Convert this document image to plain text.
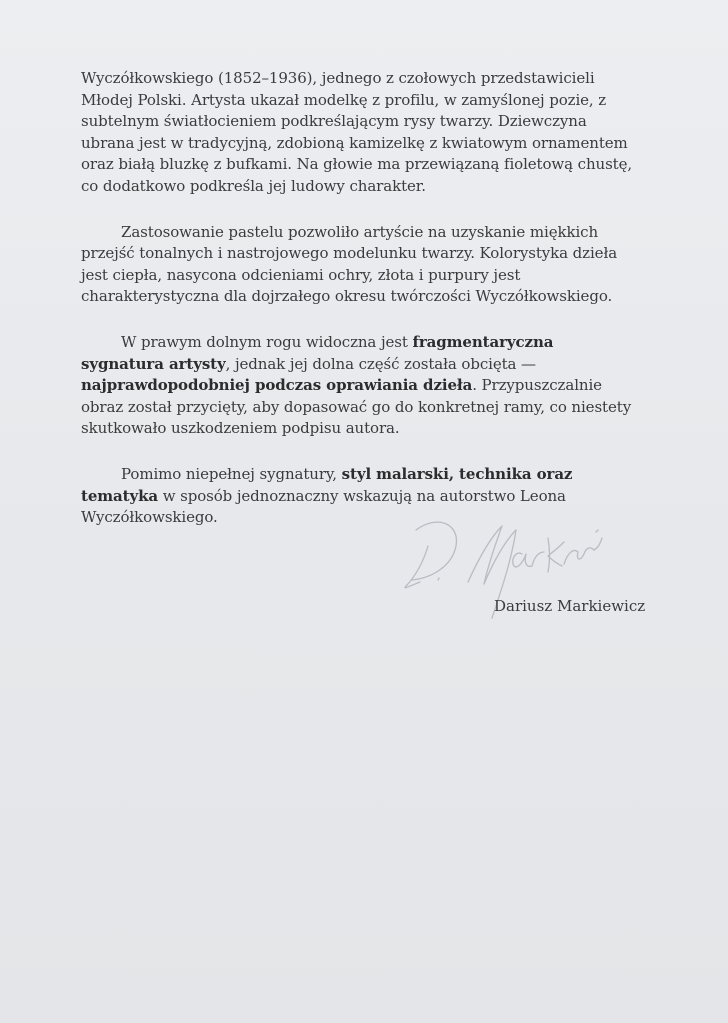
Wyczółkowskiego (1852–1936), jednego z czołowych przedstawicieli Młodej Polski. Artysta ukazał modelkę z profilu, w zamyślonej pozie, z subtelnym światłocieniem podkreślającym rysy twarzy. Dziewczyna ubrana jest w tradycyjną, zdobioną kamizelkę z kwiatowym ornamentem oraz białą bluzkę z bufkami. Na głowie ma przewiązaną fioletową chustę, co dodatkowo podkreśla jej ludowy charakter.

Zastosowanie pastelu pozwoliło artyście na uzyskanie miękkich przejść tonalnych i nastrojowego modelunku twarzy. Kolorystyka dzieła jest ciepła, nasycona odcieniami ochry, złota i purpury jest charakterystyczna dla dojrzałego okresu twórczości Wyczółkowskiego.

W prawym dolnym rogu widoczna jest fragmentaryczna sygnatura artysty, jednak jej dolna część została obcięta — najprawdopodobniej podczas oprawiania dzieła. Przypuszczalnie obraz został przycięty, aby dopasować go do konkretnej ramy, co niestety skutkowało uszkodzeniem podpisu autora.

Pomimo niepełnej sygnatury, styl malarski, technika oraz tematyka w sposób jednoznaczny wskazują na autorstwo Leona Wyczółkowskiego.

Dariusz Markiewicz
